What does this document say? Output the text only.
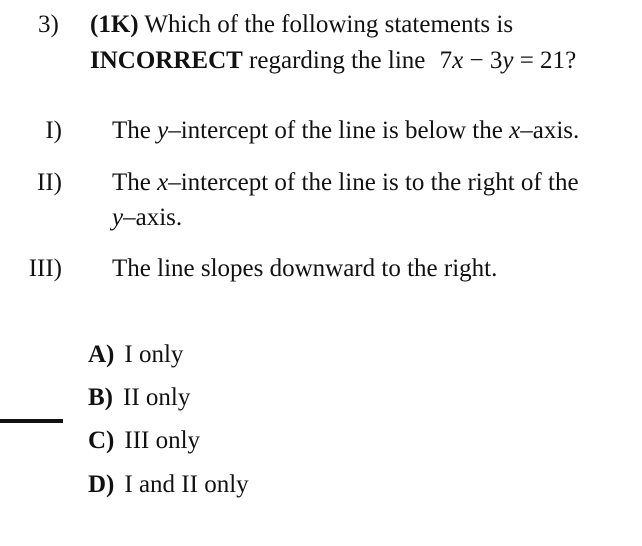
3) (1K) Which of the following statements is
INCORRECT regarding the line 7x − 3y = 21?
I) The y–intercept of the line is below the x–axis.
II) The x–intercept of the line is to the right of the
y–axis.
III) The line slopes downward to the right.
A) I only
B) II only
C) III only
D) I and II only
